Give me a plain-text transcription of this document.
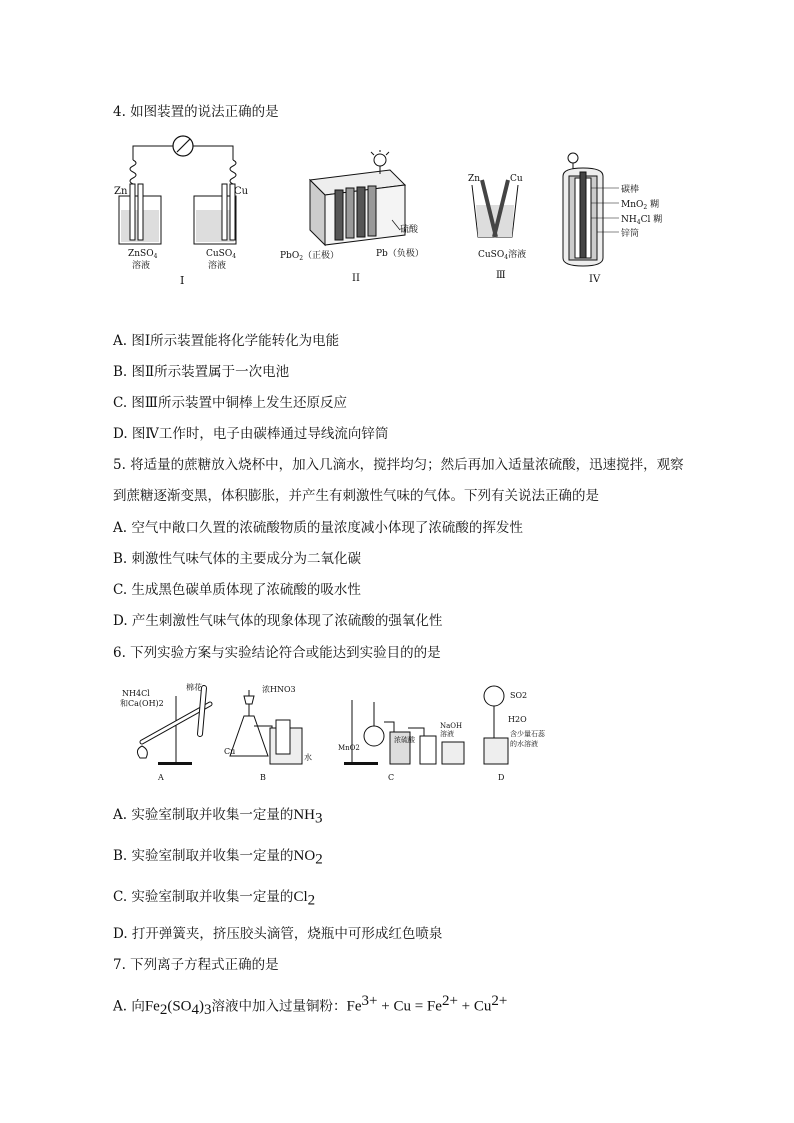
4. 如图装置的说法正确的是
Zn	Cu
ZnSO$_4$
溶液
CuSO$_4$
溶液
I
硫酸
PbO$_2$（正极）	Pb（负极）
II
Zn	Cu
CuSO$_4$溶液
Ⅲ
碳棒
MnO$_2$ 糊
$NH_4Cl$ 糊
锌筒
IV
A. 图Ⅰ所示装置能将化学能转化为电能
B. 图Ⅱ所示装置属于一次电池
C. 图Ⅲ所示装置中铜棒上发生还原反应
D. 图Ⅳ工作时，电子由碳棒通过导线流向锌筒
5. 将适量的蔗糖放入烧杯中，加入几滴水，搅拌均匀；然后再加入适量浓硫酸，迅速搅拌，观察
到蔗糖逐渐变黑，体积膨胀，并产生有刺激性气味的气体。下列有关说法正确的是
A. 空气中敞口久置的浓硫酸物质的量浓度减小体现了浓硫酸的挥发性
B. 刺激性气味气体的主要成分为二氧化碳
C. 生成黑色碳单质体现了浓硫酸的吸水性
D. 产生刺激性气味气体的现象体现了浓硫酸的强氧化性
6. 下列实验方案与实验结论符合或能达到实验目的的是
NH4Cl
和Ca(OH)2
棉花
A
浓HNO3
Cu
水
B
MnO2
浓硫酸
NaOH
溶液
C
SO2
H2O
含少量石蕊
的水溶液
D
A. 实验室制取并收集一定量的$NH_3$
B. 实验室制取并收集一定量的$NO_2$
C. 实验室制取并收集一定量的$Cl_2$
D. 打开弹簧夹，挤压胶头滴管，烧瓶中可形成红色喷泉
7. 下列离子方程式正确的是
A. 向$Fe_2(SO_4)_3$溶液中加入过量铜粉：$Fe^{3+} + Cu = Fe^{2+} + Cu^{2+}$
